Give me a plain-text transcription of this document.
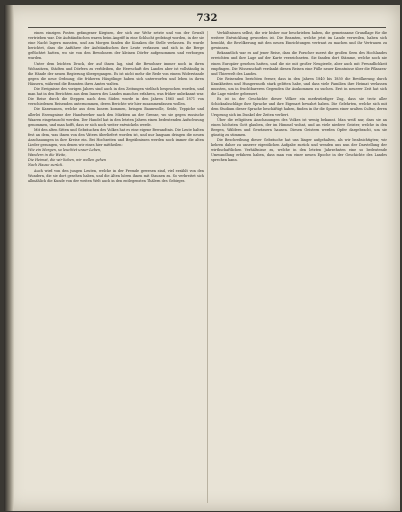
732

einen einzigen Posten gefangener Kirgisen, der sich zur Wehr setzte und von der Gewalt vertrieben war. Die Aufständischen waren beim Angriff in eine Schlucht gedrängt worden, in der sie eine Nacht lagern mussten, und am Morgen fanden die Kosaken die Stelle verlassen. Es wurde berichtet, dass die Anführer der Aufständischen ihre Leute verlassen und sich in die Berge geflüchtet hatten, wo sie von den Bewohnern der kleinen Dörfer aufgenommen und verborgen wurden.

Unter dem leichten Druck, der auf ihnen lag, sind die Bewohner immer noch in ihren Wohnsitzen, Städten und Dörfern zu verbleiben, die Herrschaft des Landes aber ist vollständig in die Hände der neuen Regierung übergegangen. Es ist nicht mehr die Rede von einem Widerstande gegen die neue Ordnung; die früheren Häuptlinge haben sich unterworfen und leben in ihren Häusern, während die Beamten ihres Amtes walten.

Die Ereignisse des vorigen Jahres sind auch in den Zeitungen vielfach besprochen worden, und man hat in den Berichten aus dem Innern des Landes manches erfahren, was früher unbekannt war. Die Reise durch die Steppen nach dem Süden wurde in den Jahren 1865 und 1871 von verschiedenen Reisenden unternommen, deren Berichte wir hier zusammenfassen wollen.

Die Karawanen, welche aus dem Innern kommen, bringen Baumwolle, Seide, Teppiche und allerlei Erzeugnisse der Handwerker nach den Märkten an der Grenze, wo sie gegen russische Waaren eingetauscht werden. Der Handel hat in den letzten Jahren einen bedeutenden Aufschwung genommen, und man hofft, dass er sich noch weiter entwickeln werde.

Mit den alten Sitten und Gebräuchen des Volkes hat es eine eigene Bewandtnis. Die Leute halten fest an dem, was ihnen von den Vätern überliefert worden ist, und nur langsam dringen die neuen Anschauungen in ihre Kreise ein. Bei Hochzeiten und Begräbnissen werden noch immer die alten Lieder gesungen, von denen wir eines hier mittheilen:

Wie ein Morgen, so leuchtet unser Leben,

Wandern in die Weite,

Die Heimat, die wir lieben, wir wollen gehen

Nach Hause zurück.

Auch wird von den jungen Leuten, welche in der Fremde gewesen sind, viel erzählt von den Wundern, die sie dort gesehen haben, und die Alten hören ihnen mit Staunen zu. So verbreitet sich allmählich die Kunde von der weiten Welt auch in den entlegensten Thälern des Gebirges.

Verhältnissen selbst, die wir bisher nur beschrieben haben, die gemeinsame Grundlage für die weitere Entwicklung geworden ist. Die Beamten, welche jetzt im Lande verweilen, haben sich bemüht, die Bevölkerung mit den neuen Einrichtungen vertraut zu machen und ihr Vertrauen zu gewinnen.

Bekanntlich war es auf jener Reise, dass die Forscher zuerst die großen Seen des Hochlandes erreichten und ihre Lage auf der Karte verzeichneten. Sie fanden dort Stämme, welche noch nie einen Europäer gesehen hatten, und die sie mit großer Neugierde, aber auch mit Freundlichkeit empfingen. Die Wissenschaft verdankt diesen Reisen eine Fülle neuer Kenntnisse über die Pflanzen- und Thierwelt des Landes.

Die Reisenden berichten ferner, dass in den Jahren 1840 bis 1850 die Bevölkerung durch Krankheiten und Hungersnoth stark gelitten habe, und dass viele Familien ihre Heimat verlassen mussten, um in fruchtbareren Gegenden ihr Auskommen zu suchen. Erst in neuerer Zeit hat sich die Lage wieder gebessert.

Es ist in der Geschichte dieser Völker ein merkwürdiger Zug, dass sie trotz aller Schicksalsschläge ihre Sprache und ihre Eigenart bewahrt haben. Die Gelehrten, welche sich mit dem Studium dieser Sprache beschäftigt haben, finden in ihr die Spuren einer uralten Cultur, deren Ursprung sich im Dunkel der Zeiten verliert.

Über die religiösen Anschauungen des Volkes ist wenig bekannt. Man weiß nur, dass sie an einen höchsten Gott glauben, der im Himmel wohnt, und an viele niedere Geister, welche in den Bergen, Wäldern und Gewässern hausen. Diesen Geistern werden Opfer dargebracht, um sie günstig zu stimmen.

Die Beschreibung dieser Gebräuche hat uns länger aufgehalten, als wir beabsichtigten; wir kehren daher zu unserer eigentlichen Aufgabe zurück und wenden uns nun der Darstellung der wirthschaftlichen Verhältnisse zu, welche in den letzten Jahrzehnten eine so bedeutende Umwandlung erfahren haben, dass man von einer neuen Epoche in der Geschichte des Landes sprechen kann.
